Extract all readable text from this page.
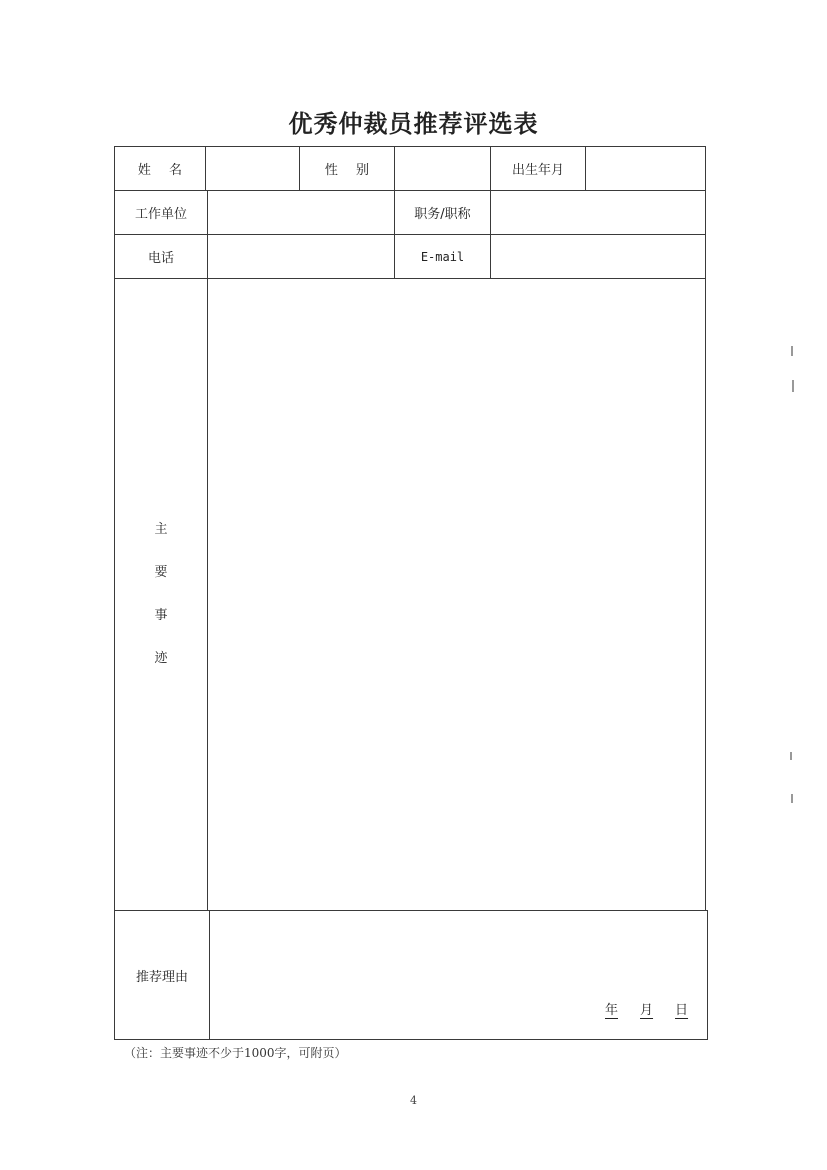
优秀仲裁员推荐评选表
姓 名	性 别	出生年月
工作单位	职务/职称
电话	E-mail
主
要
事
迹
推荐理由
年 月 日
（注：主要事迹不少于1000字，可附页）
4
